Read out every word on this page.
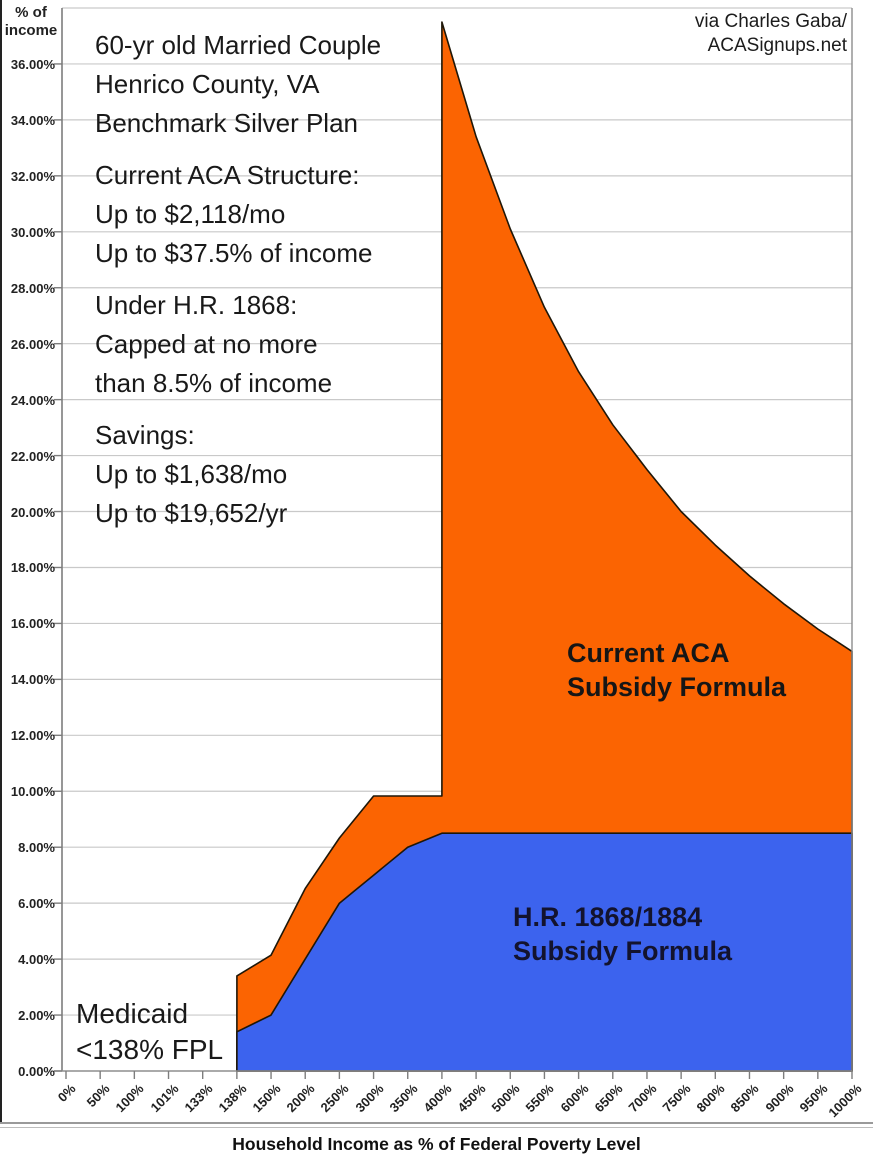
0.00%
2.00%
4.00%
6.00%
8.00%
10.00%
12.00%
14.00%
16.00%
18.00%
20.00%
22.00%
24.00%
26.00%
28.00%
30.00%
32.00%
34.00%
36.00%
0% 50% 100% 101% 133% 138% 150% 200% 250% 300% 350% 400% 450% 500% 550% 600% 650% 700% 750% 800% 850% 900% 950%
1000%
% of
income	via Charles Gaba/
ACASignups.net
60-yr old Married Couple
Henrico County, VA
Benchmark Silver Plan
Current ACA Structure:
Up to $2,118/mo
Up to $37.5% of income
Under H.R. 1868:
Capped at no more
than 8.5% of income
Savings:
Up to $1,638/mo
Up to $19,652/yr
Medicaid
<138% FPL
Current ACA
Subsidy Formula
H.R. 1868/1884
Subsidy Formula
Household Income as % of Federal Poverty Level
